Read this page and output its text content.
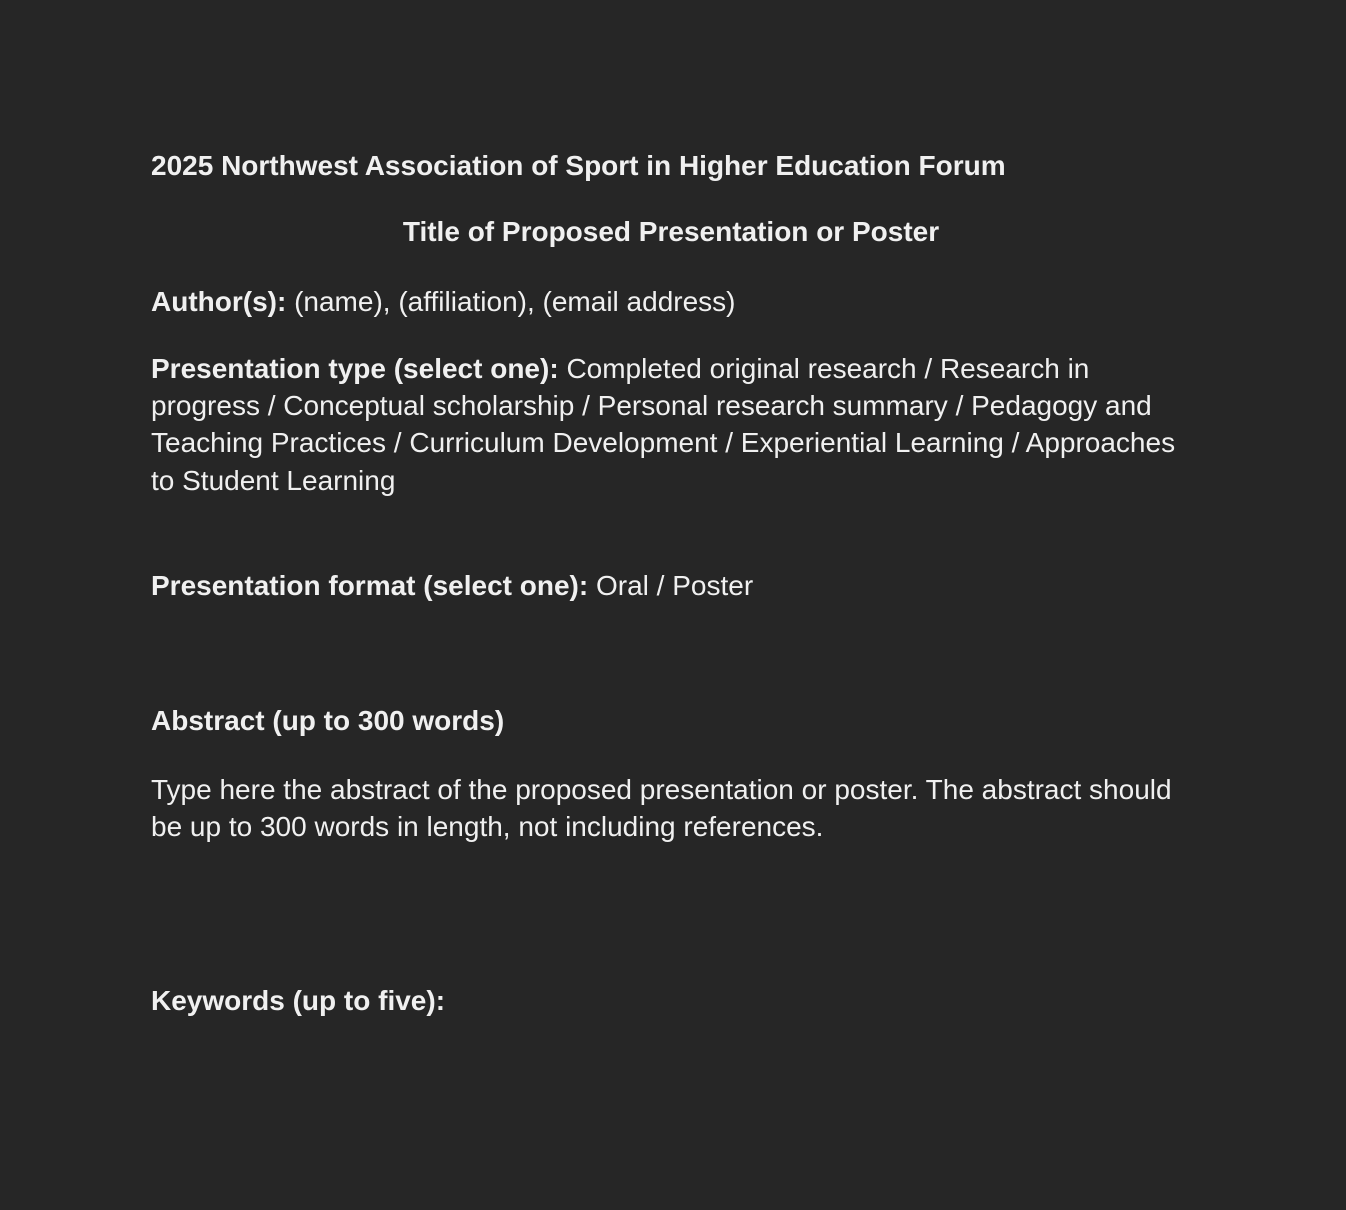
2025 Northwest Association of Sport in Higher Education Forum

Title of Proposed Presentation or Poster

Author(s): (name), (affiliation), (email address)

Presentation type (select one): Completed original research / Research in progress / Conceptual scholarship / Personal research summary / Pedagogy and Teaching Practices / Curriculum Development / Experiential Learning / Approaches to Student Learning

Presentation format (select one): Oral / Poster

Abstract (up to 300 words)

Type here the abstract of the proposed presentation or poster. The abstract should be up to 300 words in length, not including references.

Keywords (up to five):
